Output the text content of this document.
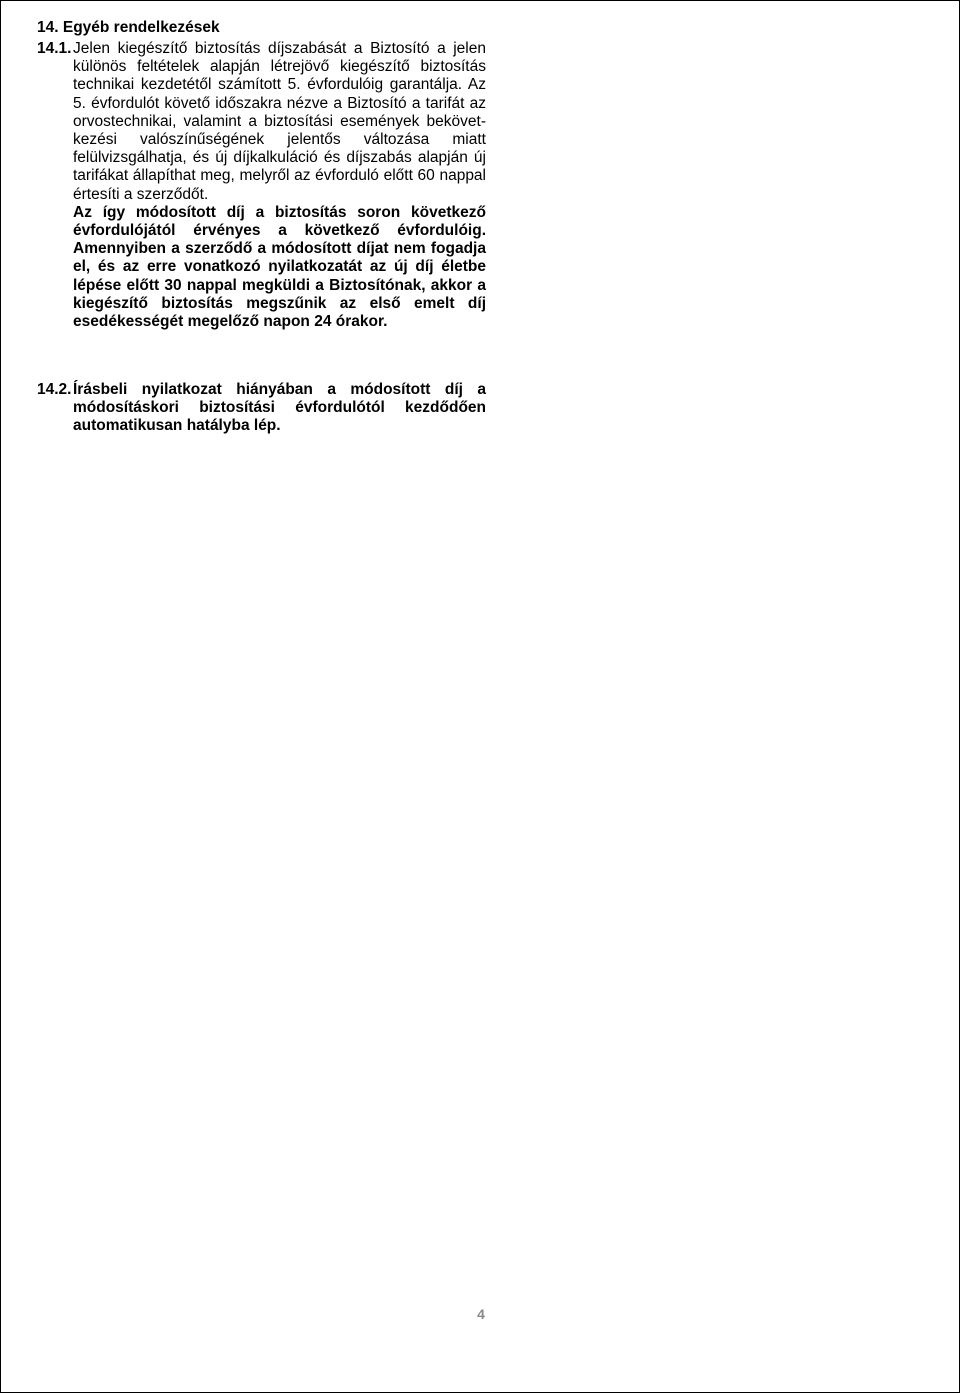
14. Egyéb rendelkezések
14.1. Jelen kiegészítő biztosítás díjszabását a Biztosító a jelen különös feltételek alapján létrejövő kiegészítő biztosítás technikai kezdetétől számított 5. évfordulóig garantálja. Az 5. évfordulót követő időszakra nézve a Biztosító a tarifát az orvostechnikai, valamint a biztosítási események bekövetkezési valószínűségének jelentős változása miatt felülvizsgálhatja, és új díjkalkuláció és díjszabás alapján új tarifákat állapíthat meg, melyről az évforduló előtt 60 nappal értesíti a szerződőt.

Az így módosított díj a biztosítás soron következő évfordulójától érvényes a következő évfordulóig. Amennyiben a szerződő a módosított díjat nem fogadja el, és az erre vonatkozó nyilatkozatát az új díj életbe lépése előtt 30 nappal megküldi a Biztosítónak, akkor a kiegészítő biztosítás megszűnik az első emelt díj esedékességét megelőző napon 24 órakor.

14.2. Írásbeli nyilatkozat hiányában a módosított díj a módosításkori biztosítási évfordulótól kezdődően automatikusan hatályba lép.

4
